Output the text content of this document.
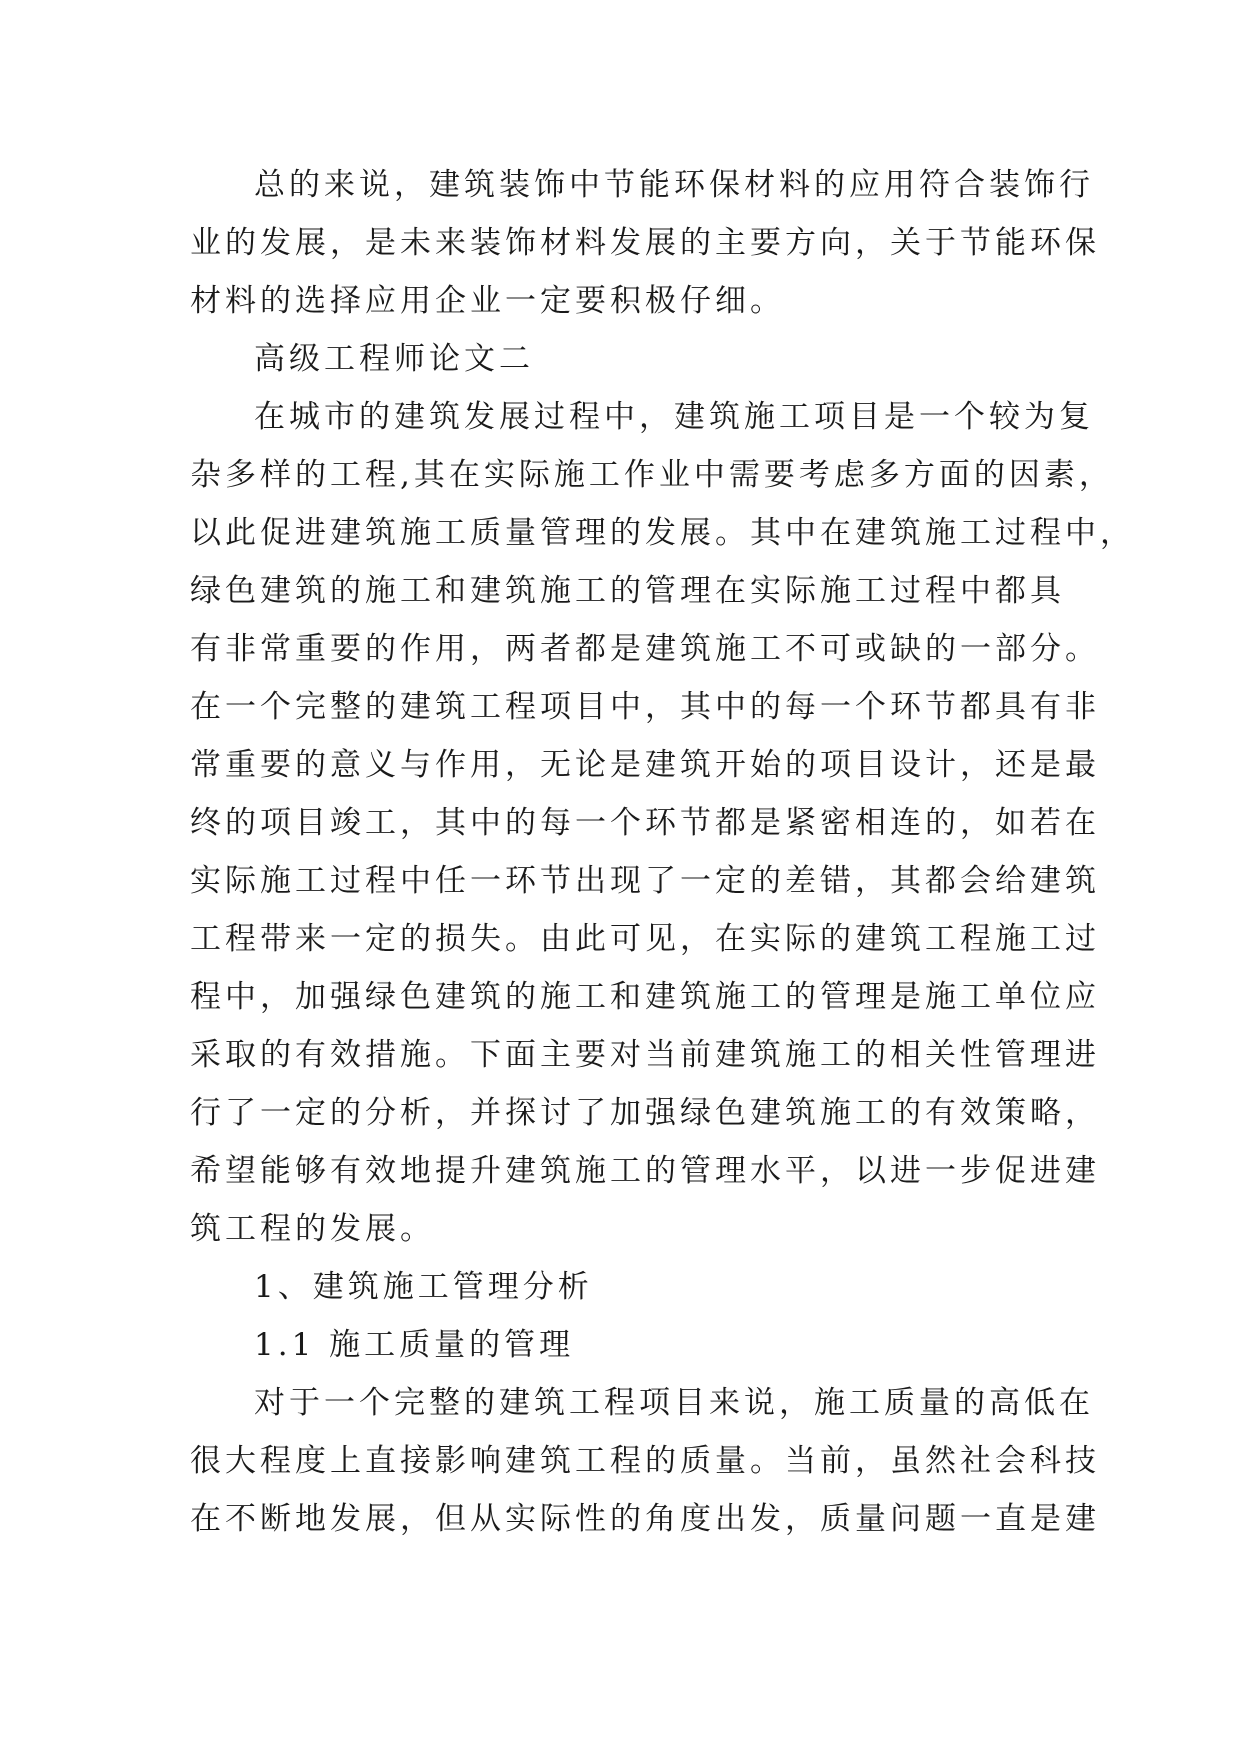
总的来说，建筑装饰中节能环保材料的应用符合装饰行
业的发展，是未来装饰材料发展的主要方向，关于节能环保
材料的选择应用企业一定要积极仔细。
高级工程师论文二
在城市的建筑发展过程中，建筑施工项目是一个较为复
杂多样的工程,其在实际施工作业中需要考虑多方面的因素，
以此促进建筑施工质量管理的发展。其中在建筑施工过程中，
绿色建筑的施工和建筑施工的管理在实际施工过程中都具
有非常重要的作用，两者都是建筑施工不可或缺的一部分。
在一个完整的建筑工程项目中，其中的每一个环节都具有非
常重要的意义与作用，无论是建筑开始的项目设计，还是最
终的项目竣工，其中的每一个环节都是紧密相连的，如若在
实际施工过程中任一环节出现了一定的差错，其都会给建筑
工程带来一定的损失。由此可见，在实际的建筑工程施工过
程中，加强绿色建筑的施工和建筑施工的管理是施工单位应
采取的有效措施。下面主要对当前建筑施工的相关性管理进
行了一定的分析，并探讨了加强绿色建筑施工的有效策略，
希望能够有效地提升建筑施工的管理水平，以进一步促进建
筑工程的发展。
1、建筑施工管理分析
1.1 施工质量的管理
对于一个完整的建筑工程项目来说，施工质量的高低在
很大程度上直接影响建筑工程的质量。当前，虽然社会科技
在不断地发展，但从实际性的角度出发，质量问题一直是建
